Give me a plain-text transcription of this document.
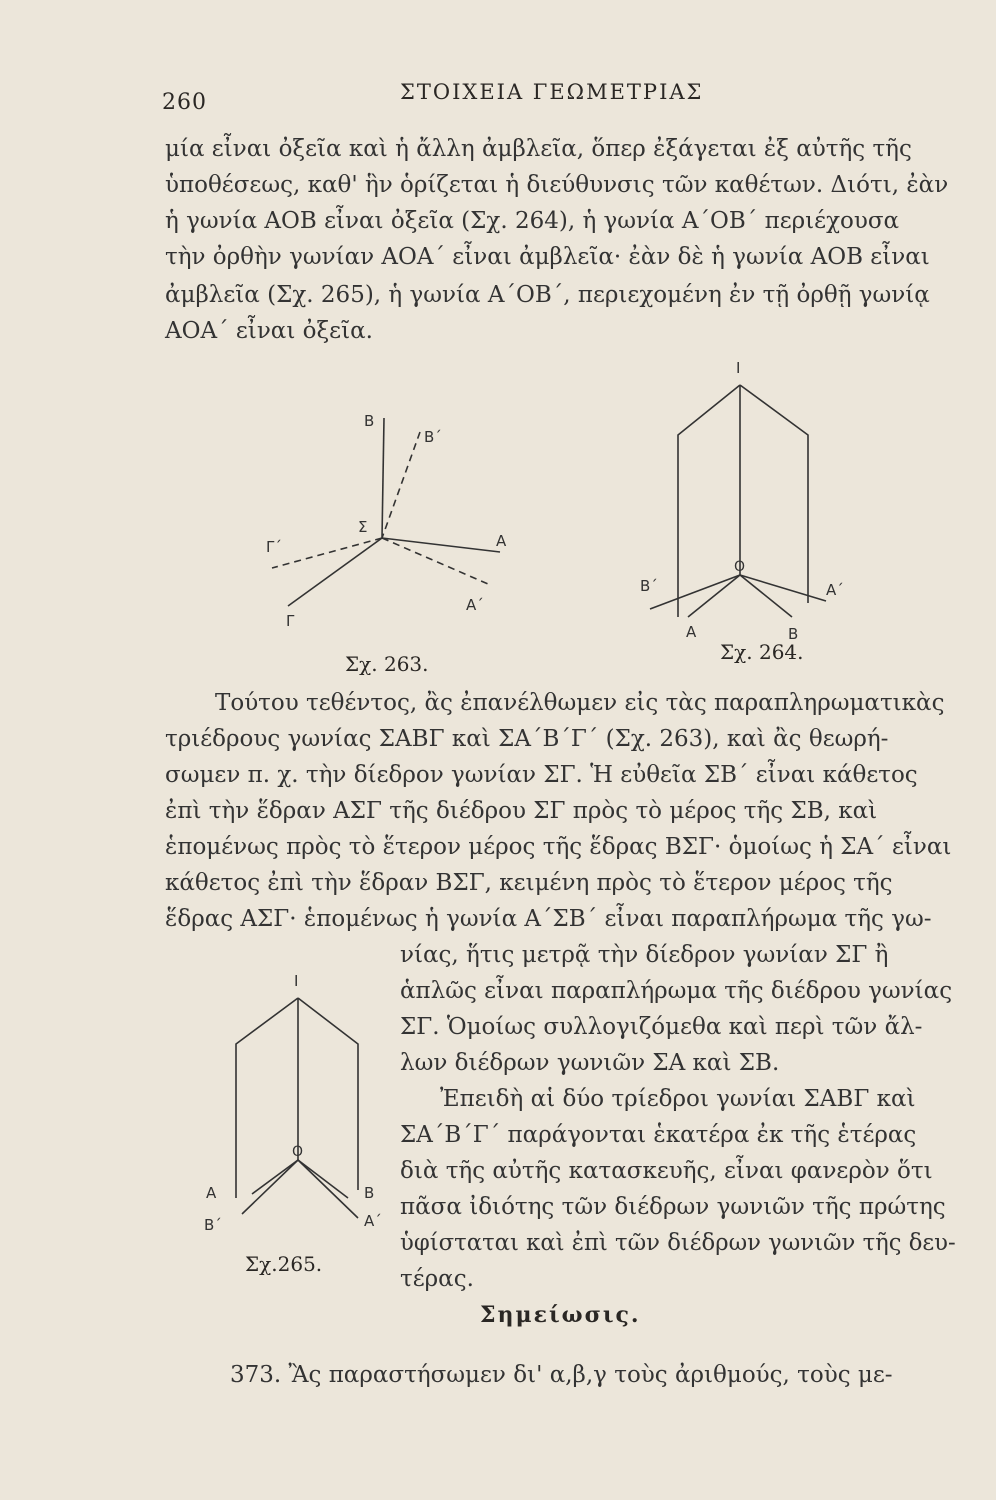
260	ΣΤΟΙΧΕΙΑ ΓΕΩΜΕΤΡΙΑΣ
μία εἶναι ὀξεῖα καὶ ἡ ἄλλη ἀμβλεῖα, ὅπερ ἐξάγεται ἐξ αὐτῆς τῆς
ὑποθέσεως, καθ' ἣν ὁρίζεται ἡ διεύθυνσις τῶν καθέτων. Διότι, ἐὰν
ἡ γωνία ΑΟΒ εἶναι ὀξεῖα (Σχ. 264), ἡ γωνία Α΄ΟΒ΄ περιέχουσα
τὴν ὀρθὴν γωνίαν ΑΟΑ΄ εἶναι ἀμβλεῖα· ἐὰν δὲ ἡ γωνία ΑΟΒ εἶναι
ἀμβλεῖα (Σχ. 265), ἡ γωνία Α΄ΟΒ΄, περιεχομένη ἐν τῇ ὀρθῇ γωνίᾳ
ΑΟΑ΄ εἶναι ὀξεῖα.
Β
Β΄
Σ
Γ΄	Α
Α΄
Γ
Σχ. 263.
Ι
Β΄
Ο
Α΄
Α	Β
Σχ. 264.
Τούτου τεθέντος, ἂς ἐπανέλθωμεν εἰς τὰς παραπληρωματικὰς
τριέδρους γωνίας ΣΑΒΓ καὶ ΣΑ΄Β΄Γ΄ (Σχ. 263), καὶ ἂς θεωρή-
σωμεν π. χ. τὴν δίεδρον γωνίαν ΣΓ. Ἡ εὐθεῖα ΣΒ΄ εἶναι κάθετος
ἐπὶ τὴν ἕδραν ΑΣΓ τῆς διέδρου ΣΓ πρὸς τὸ μέρος τῆς ΣΒ, καὶ
ἑπομένως πρὸς τὸ ἕτερον μέρος τῆς ἕδρας ΒΣΓ· ὁμοίως ἡ ΣΑ΄ εἶναι
κάθετος ἐπὶ τὴν ἕδραν ΒΣΓ, κειμένη πρὸς τὸ ἕτερον μέρος τῆς
ἕδρας ΑΣΓ· ἑπομένως ἡ γωνία Α΄ΣΒ΄ εἶναι παραπλήρωμα τῆς γω-
νίας, ἥτις μετρᾷ τὴν δίεδρον γωνίαν ΣΓ ἢ
ἁπλῶς εἶναι παραπλήρωμα τῆς διέδρου γωνίας
ΣΓ. Ὁμοίως συλλογιζόμεθα καὶ περὶ τῶν ἄλ-
λων διέδρων γωνιῶν ΣΑ καὶ ΣΒ.
Ι
Ο
Α	Β
Β΄	Α΄
Σχ.265.
Ἐπειδὴ αἱ δύο τρίεδροι γωνίαι ΣΑΒΓ καὶ
ΣΑ΄Β΄Γ΄ παράγονται ἑκατέρα ἐκ τῆς ἑτέρας
διὰ τῆς αὐτῆς κατασκευῆς, εἶναι φανερὸν ὅτι
πᾶσα ἰδιότης τῶν διέδρων γωνιῶν τῆς πρώτης
ὑφίσταται καὶ ἐπὶ τῶν διέδρων γωνιῶν τῆς δευ-
τέρας.
Σημείωσις.
373. Ἂς παραστήσωμεν δι' α,β,γ τοὺς ἀριθμούς, τοὺς με-
